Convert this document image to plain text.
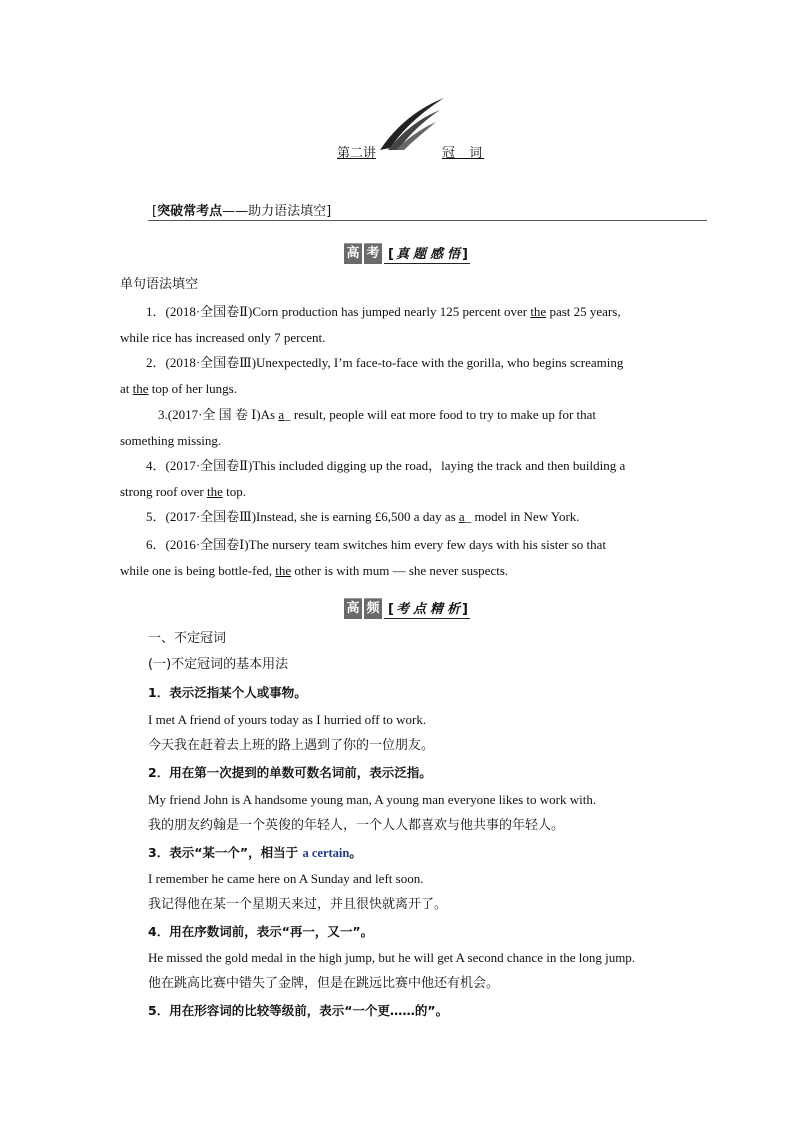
第二讲	冠  词
[突破常考点——助力语法填空]
高 考	[ 真题感悟 ]
单句语法填空
1．(2018·全国卷Ⅱ)Corn production has jumped nearly 125 percent over the past 25 years,
while rice has increased only 7 percent.
2．(2018·全国卷Ⅲ)Unexpectedly, I’m face-to-face with the gorilla, who begins screaming
at the top of her lungs.
3.(2017·全 国 卷 Ⅰ)As a_ result, people will eat more food to try to make up for that
something missing.
4．(2017·全国卷Ⅱ)This included digging up the road，laying the track and then building a
strong roof over the top.
5．(2017·全国卷Ⅲ)Instead, she is earning £6,500 a day as a_ model in New York.
6．(2016·全国卷Ⅰ)The nursery team switches him every few days with his sister so that
while one is being bottle-fed, the other is with mum — she never suspects.
高 频	[ 考点精析 ]
一、不定冠词
(一)不定冠词的基本用法
1．表示泛指某个人或事物。
I met A friend of yours today as I hurried off to work.
今天我在赶着去上班的路上遇到了你的一位朋友。
2．用在第一次提到的单数可数名词前，表示泛指。
My friend John is A handsome young man, A young man everyone likes to work with.
我的朋友约翰是一个英俊的年轻人，一个人人都喜欢与他共事的年轻人。
3．表示“某一个”，相当于 a certain。
I remember he came here on A Sunday and left soon.
我记得他在某一个星期天来过，并且很快就离开了。
4．用在序数词前，表示“再一，又一”。
He missed the gold medal in the high jump, but he will get A second chance in the long jump.
他在跳高比赛中错失了金牌，但是在跳远比赛中他还有机会。
5．用在形容词的比较等级前，表示“一个更……的”。
